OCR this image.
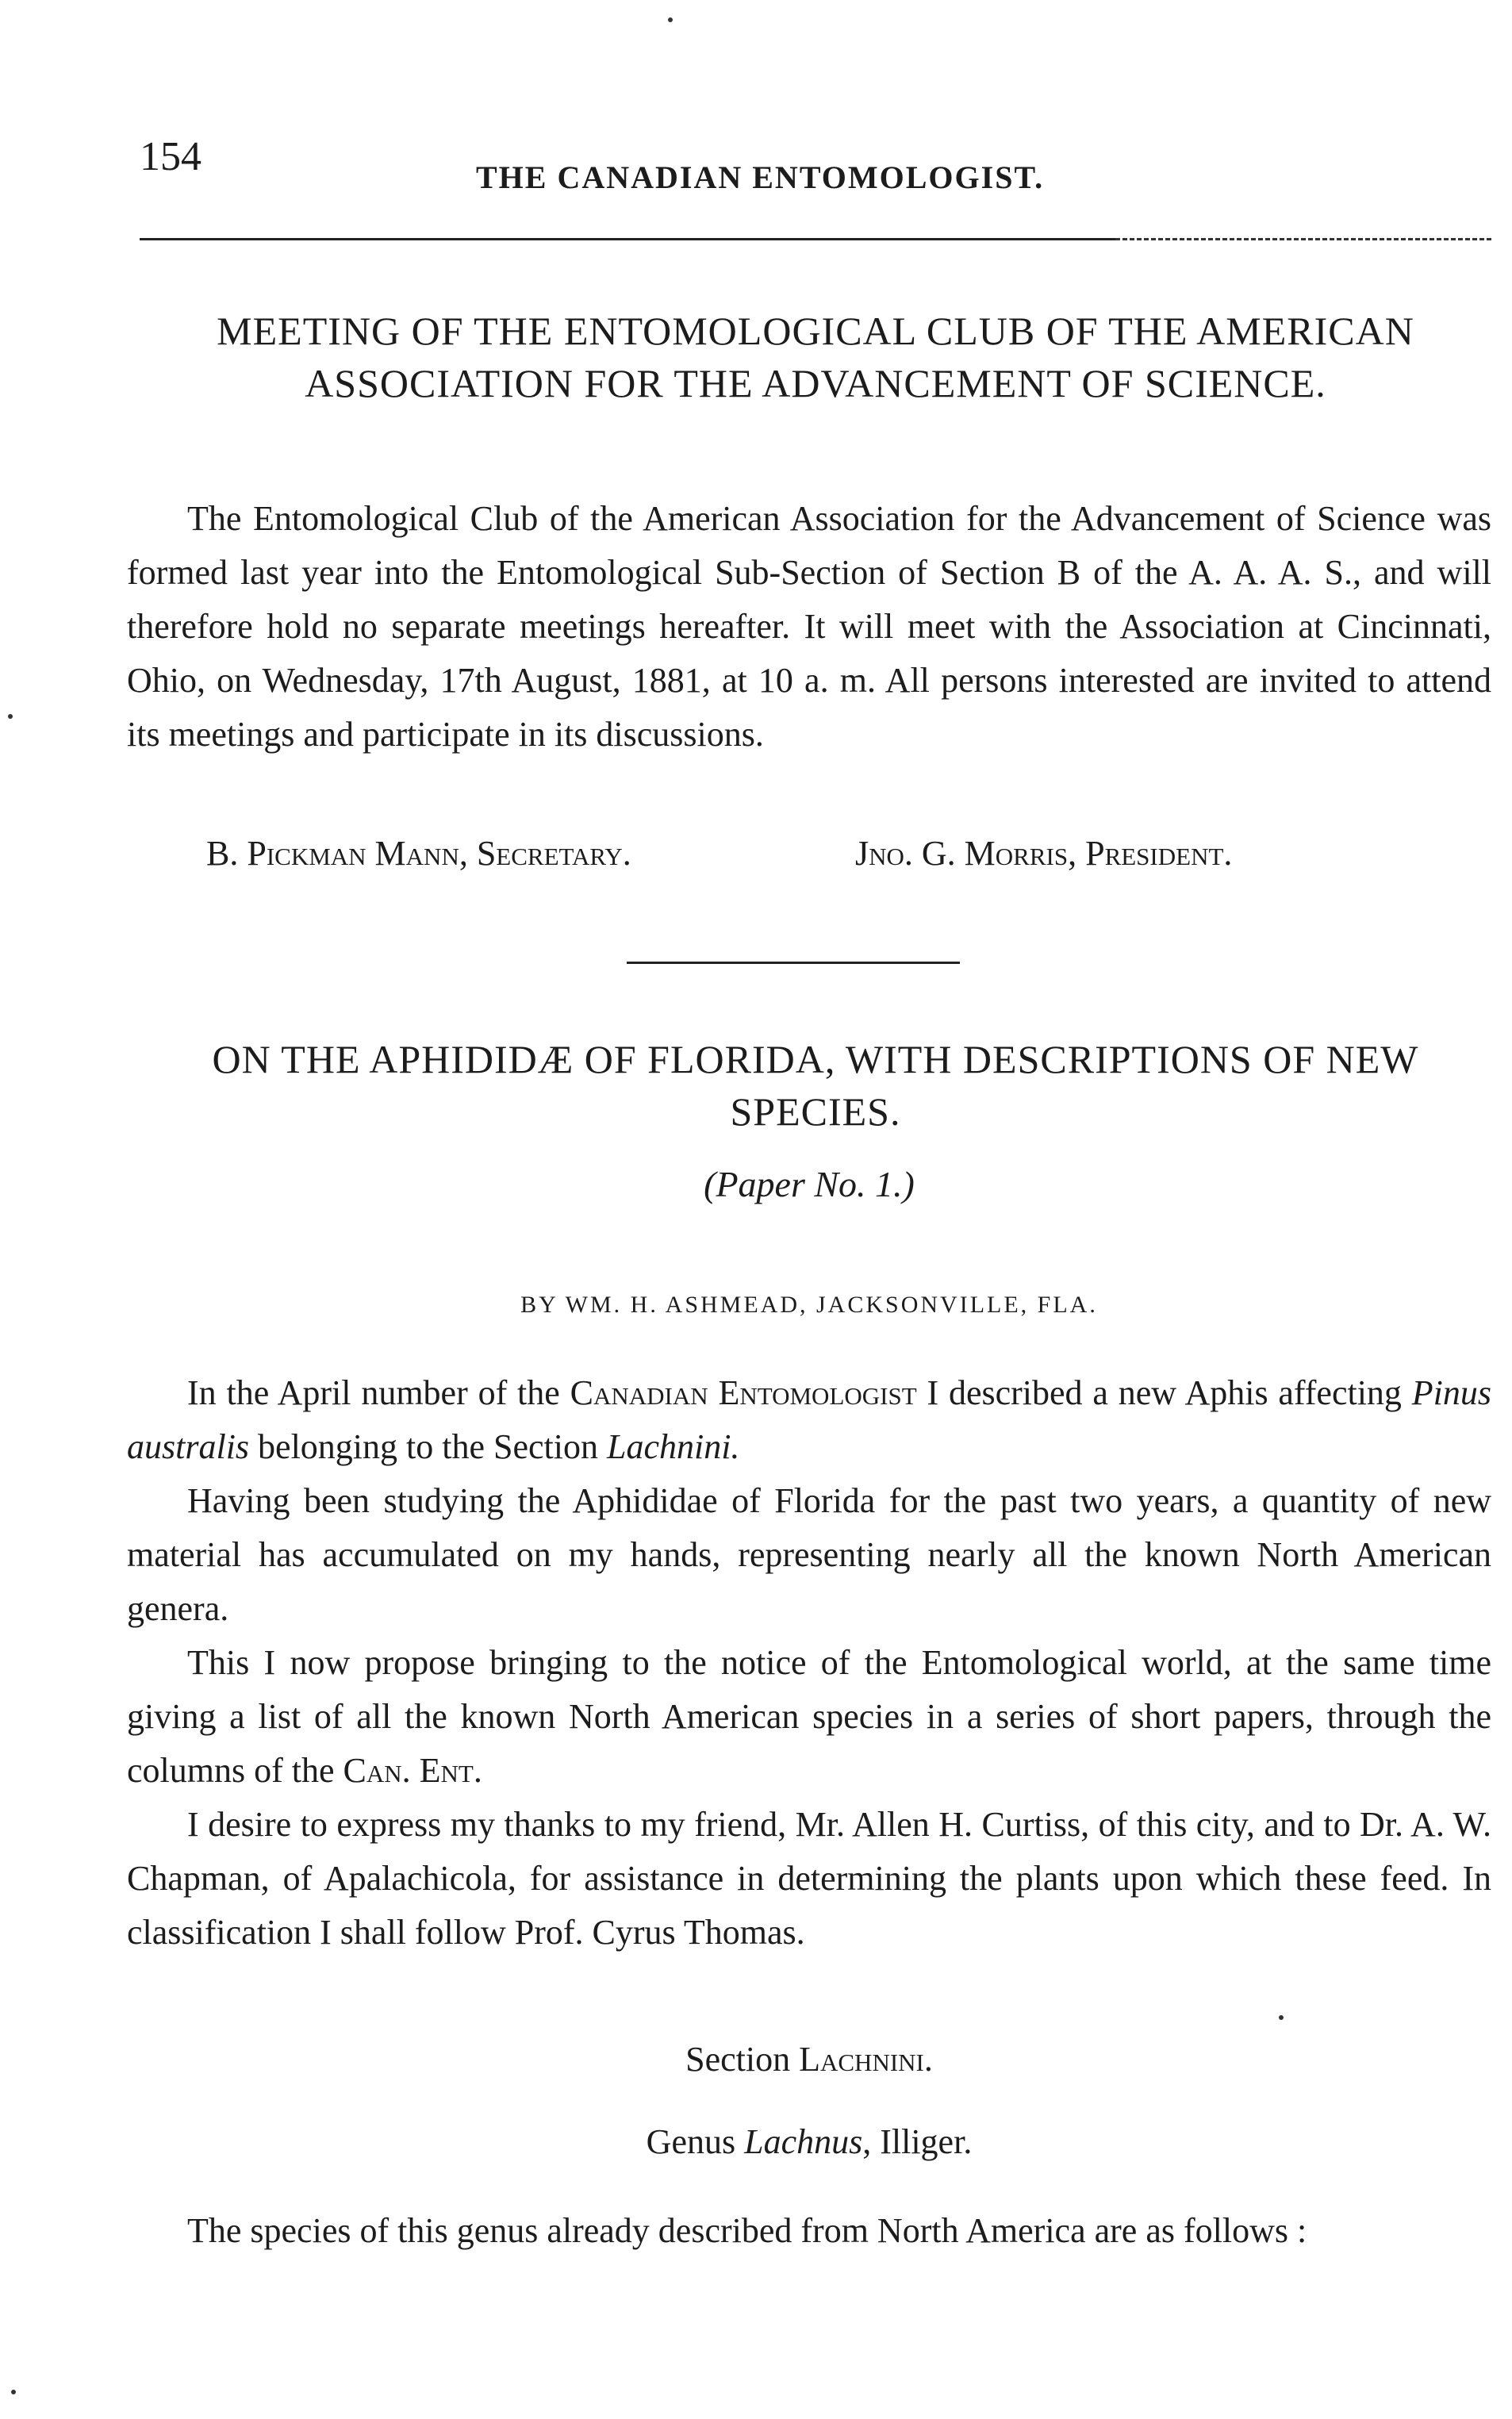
154	THE CANADIAN ENTOMOLOGIST.
MEETING OF THE ENTOMOLOGICAL CLUB OF THE AMERICAN ASSOCIATION FOR THE ADVANCEMENT OF SCIENCE.
The Entomological Club of the American Association for the Advancement of Science was formed last year into the Entomological Sub-Section of Section B of the A. A. A. S., and will therefore hold no separate meetings hereafter. It will meet with the Association at Cincinnati, Ohio, on Wednesday, 17th August, 1881, at 10 a. m. All persons interested are invited to attend its meetings and participate in its discussions.
B. Pickman Mann, Secretary.	Jno. G. Morris, President.
ON THE APHIDIDÆ OF FLORIDA, WITH DESCRIPTIONS OF NEW SPECIES.
(Paper No. 1.)
BY WM. H. ASHMEAD, JACKSONVILLE, FLA.
In the April number of the Canadian Entomologist I described a new Aphis affecting Pinus australis belonging to the Section Lachnini.
Having been studying the Aphididae of Florida for the past two years, a quantity of new material has accumulated on my hands, representing nearly all the known North American genera.
This I now propose bringing to the notice of the Entomological world, at the same time giving a list of all the known North American species in a series of short papers, through the columns of the Can. Ent.
I desire to express my thanks to my friend, Mr. Allen H. Curtiss, of this city, and to Dr. A. W. Chapman, of Apalachicola, for assistance in determining the plants upon which these feed. In classification I shall follow Prof. Cyrus Thomas.
Section Lachnini.
Genus Lachnus, Illiger.
The species of this genus already described from North America are as follows :
